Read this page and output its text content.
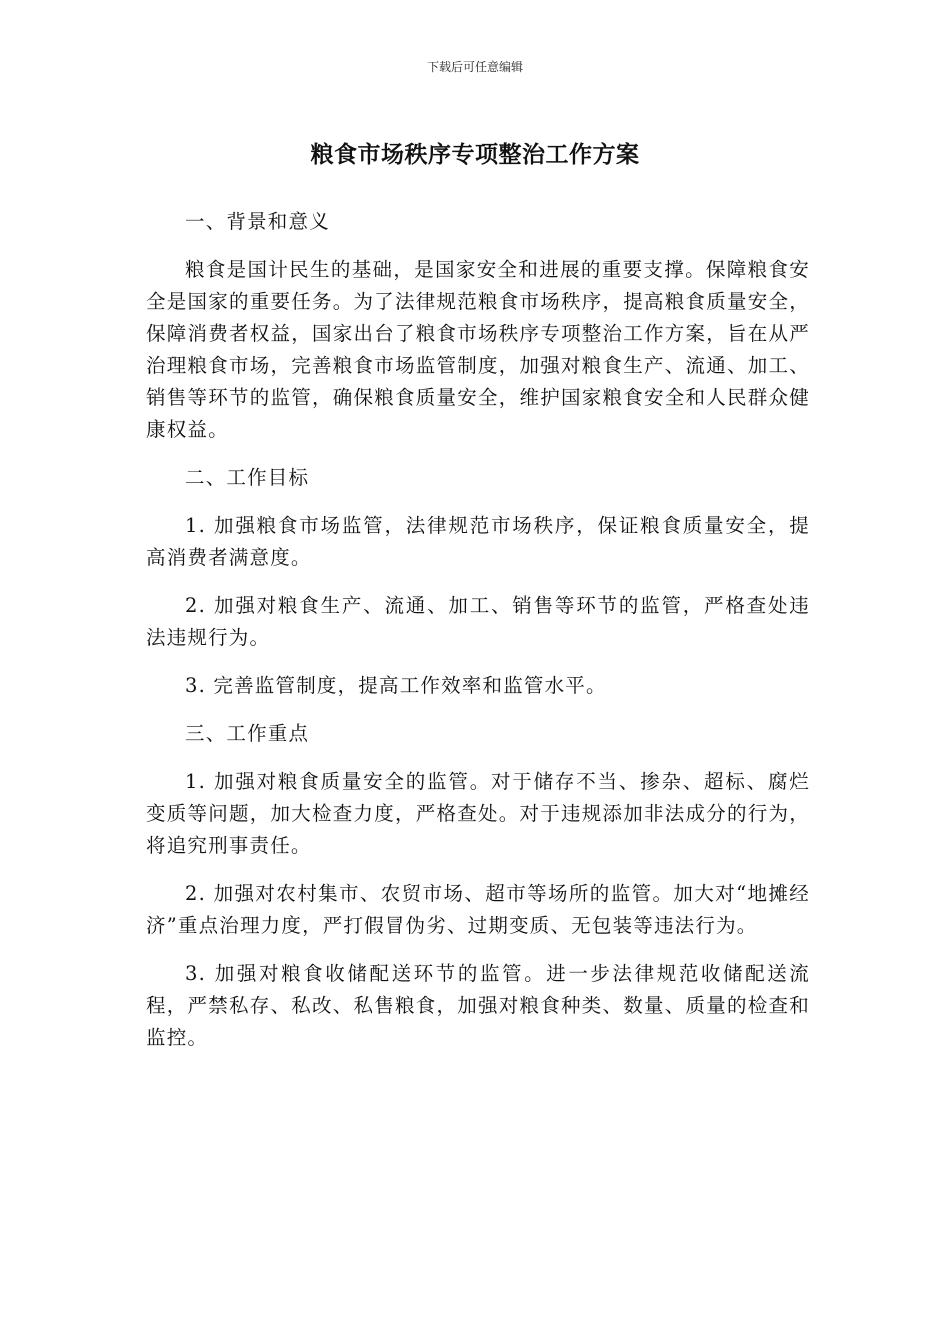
下载后可任意编辑
粮食市场秩序专项整治工作方案
一、背景和意义
粮食是国计民生的基础，是国家安全和进展的重要支撑。保障粮食安全是国家的重要任务。为了法律规范粮食市场秩序，提高粮食质量安全，保障消费者权益，国家出台了粮食市场秩序专项整治工作方案，旨在从严治理粮食市场，完善粮食市场监管制度，加强对粮食生产、流通、加工、销售等环节的监管，确保粮食质量安全，维护国家粮食安全和人民群众健康权益。
二、工作目标
1. 加强粮食市场监管，法律规范市场秩序，保证粮食质量安全，提高消费者满意度。
2. 加强对粮食生产、流通、加工、销售等环节的监管，严格查处违法违规行为。
3. 完善监管制度，提高工作效率和监管水平。
三、工作重点
1. 加强对粮食质量安全的监管。对于储存不当、掺杂、超标、腐烂变质等问题，加大检查力度，严格查处。对于违规添加非法成分的行为，将追究刑事责任。
2. 加强对农村集市、农贸市场、超市等场所的监管。加大对“地摊经济”重点治理力度，严打假冒伪劣、过期变质、无包装等违法行为。
3. 加强对粮食收储配送环节的监管。进一步法律规范收储配送流程，严禁私存、私改、私售粮食，加强对粮食种类、数量、质量的检查和监控。
